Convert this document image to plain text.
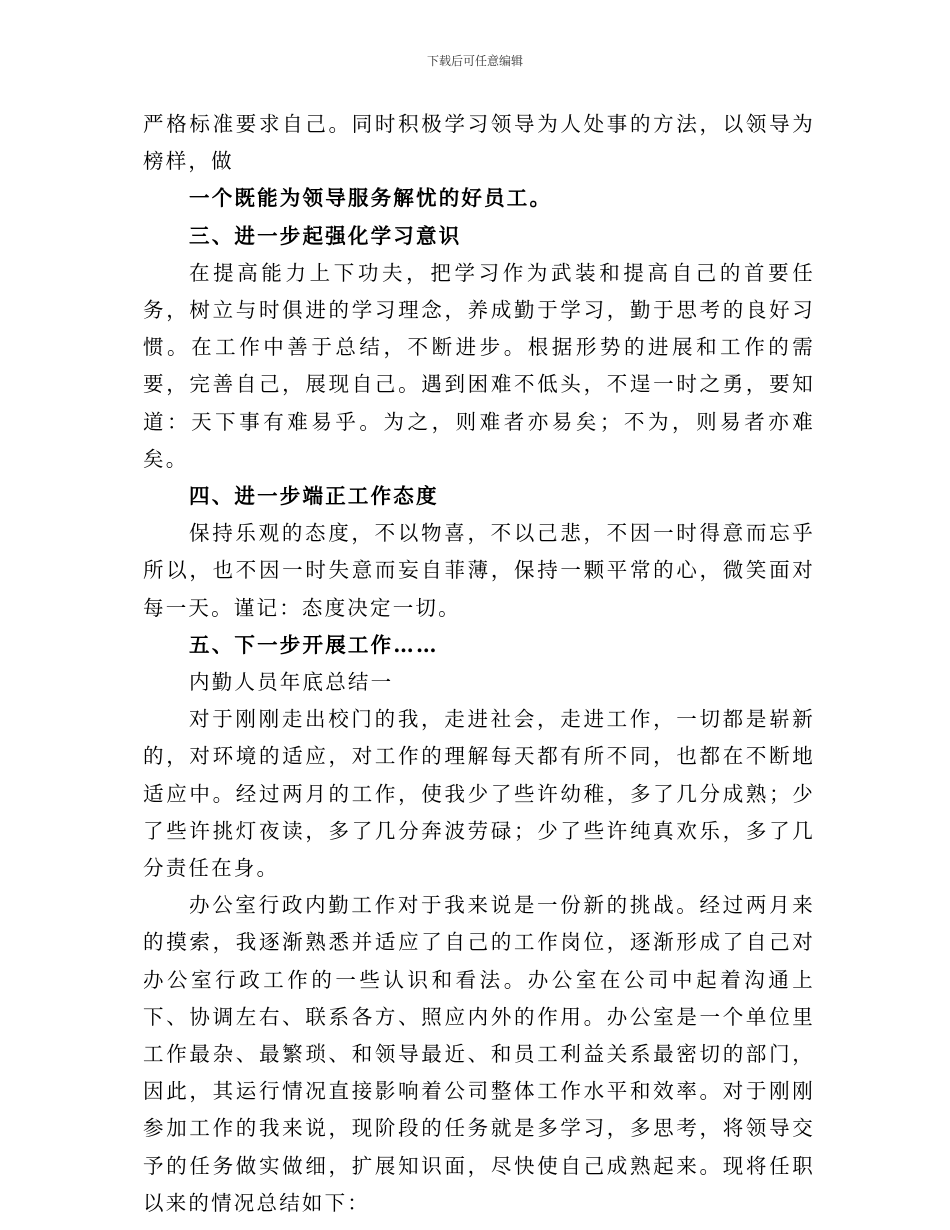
下载后可任意编辑

严格标准要求自己。同时积极学习领导为人处事的方法，以领导为榜样，做

一个既能为领导服务解忧的好员工。

三、进一步起强化学习意识

在提高能力上下功夫，把学习作为武装和提高自己的首要任务，树立与时俱进的学习理念，养成勤于学习，勤于思考的良好习惯。在工作中善于总结，不断进步。根据形势的进展和工作的需要，完善自己，展现自己。遇到困难不低头，不逞一时之勇，要知道：天下事有难易乎。为之，则难者亦易矣；不为，则易者亦难矣。

四、进一步端正工作态度

保持乐观的态度，不以物喜，不以己悲，不因一时得意而忘乎所以，也不因一时失意而妄自菲薄，保持一颗平常的心，微笑面对每一天。谨记：态度决定一切。

五、下一步开展工作……

内勤人员年底总结一

对于刚刚走出校门的我，走进社会，走进工作，一切都是崭新的，对环境的适应，对工作的理解每天都有所不同，也都在不断地适应中。经过两月的工作，使我少了些许幼稚，多了几分成熟；少了些许挑灯夜读，多了几分奔波劳碌；少了些许纯真欢乐，多了几分责任在身。

办公室行政内勤工作对于我来说是一份新的挑战。经过两月来的摸索，我逐渐熟悉并适应了自己的工作岗位，逐渐形成了自己对办公室行政工作的一些认识和看法。办公室在公司中起着沟通上下、协调左右、联系各方、照应内外的作用。办公室是一个单位里工作最杂、最繁琐、和领导最近、和员工利益关系最密切的部门，因此，其运行情况直接影响着公司整体工作水平和效率。对于刚刚参加工作的我来说，现阶段的任务就是多学习，多思考，将领导交予的任务做实做细，扩展知识面，尽快使自己成熟起来。现将任职以来的情况总结如下：
